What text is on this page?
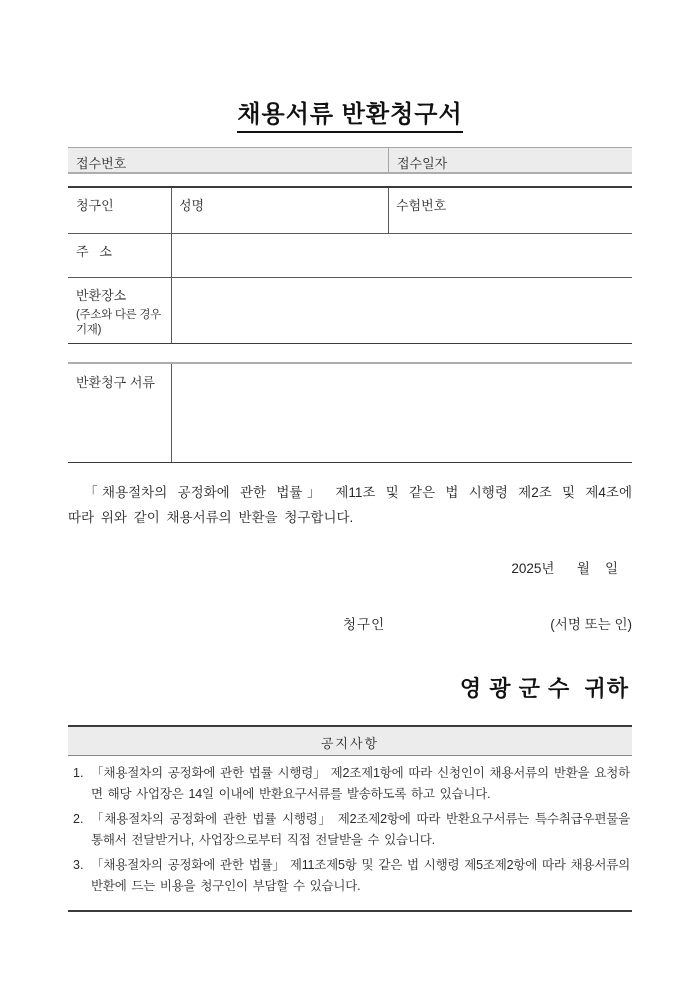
채용서류 반환청구서
접수번호	접수일자
청구인	성명	수험번호
주   소
반환장소
(주소와 다른 경우 기재)
반환청구 서류
「채용절차의 공정화에 관한 법률」 제11조 및 같은 법 시행령 제2조 및 제4조에
따라 위와 같이 채용서류의 반환을 청구합니다.
2025년      월    일
청구인	(서명 또는 인)
영 광 군 수  귀하
공지사항
1. 「채용절차의 공정화에 관한 법률 시행령」 제2조제1항에 따라 신청인이 채용서류의 반환을 요청하면 해당 사업장은 14일 이내에 반환요구서류를 발송하도록 하고 있습니다.
2. 「채용절차의 공정화에 관한 법률 시행령」 제2조제2항에 따라 반환요구서류는 특수취급우편물을 통해서 전달받거나, 사업장으로부터 직접 전달받을 수 있습니다.
3. 「채용절차의 공정화에 관한 법률」 제11조제5항 및 같은 법 시행령 제5조제2항에 따라 채용서류의 반환에 드는 비용을 청구인이 부담할 수 있습니다.
